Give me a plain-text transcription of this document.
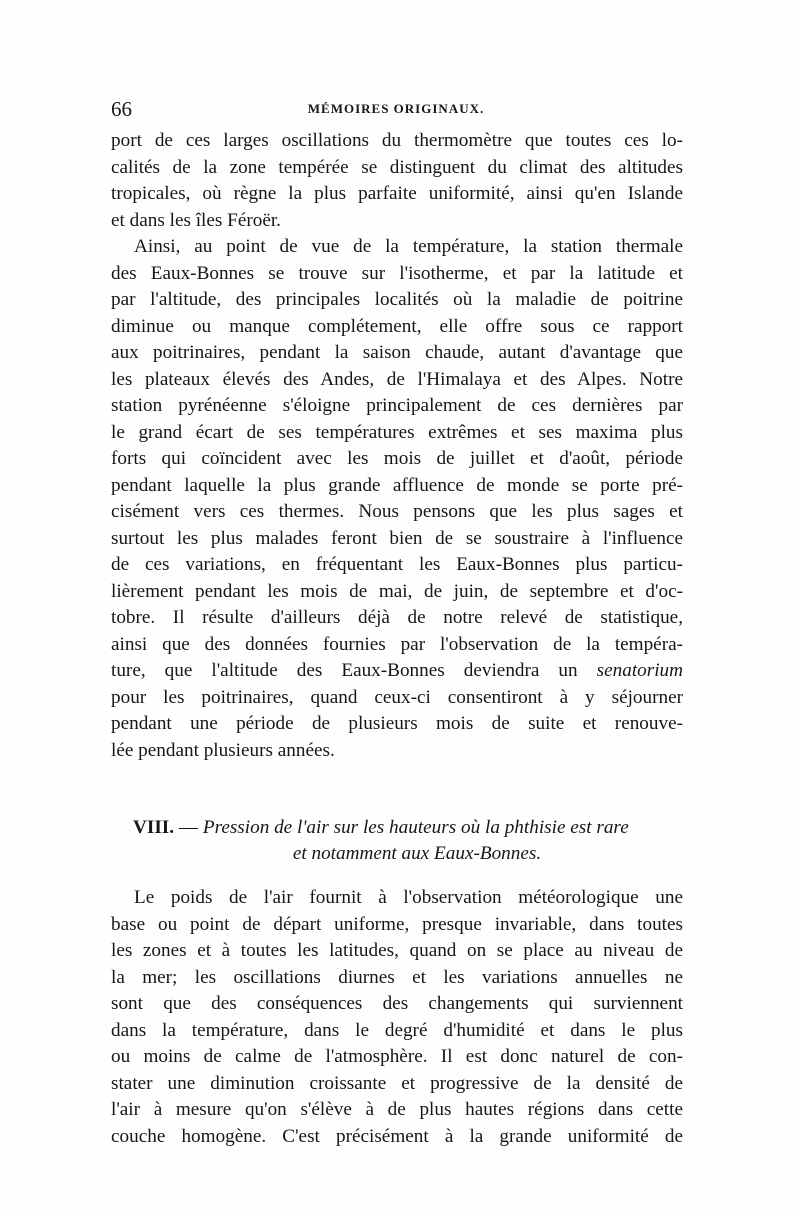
66	MÉMOIRES ORIGINAUX.
port de ces larges oscillations du thermomètre que toutes ces lo-
calités de la zone tempérée se distinguent du climat des altitudes
tropicales, où règne la plus parfaite uniformité, ainsi qu'en Islande
et dans les îles Féroër.
Ainsi, au point de vue de la température, la station thermale
des Eaux-Bonnes se trouve sur l'isotherme, et par la latitude et
par l'altitude, des principales localités où la maladie de poitrine
diminue ou manque complétement, elle offre sous ce rapport
aux poitrinaires, pendant la saison chaude, autant d'avantage que
les plateaux élevés des Andes, de l'Himalaya et des Alpes. Notre
station pyrénéenne s'éloigne principalement de ces dernières par
le grand écart de ses températures extrêmes et ses maxima plus
forts qui coïncident avec les mois de juillet et d'août, période
pendant laquelle la plus grande affluence de monde se porte pré-
cisément vers ces thermes. Nous pensons que les plus sages et
surtout les plus malades feront bien de se soustraire à l'influence
de ces variations, en fréquentant les Eaux-Bonnes plus particu-
lièrement pendant les mois de mai, de juin, de septembre et d'oc-
tobre. Il résulte d'ailleurs déjà de notre relevé de statistique,
ainsi que des données fournies par l'observation de la tempéra-
ture, que l'altitude des Eaux-Bonnes deviendra un senatorium
pour les poitrinaires, quand ceux-ci consentiront à y séjourner
pendant une période de plusieurs mois de suite et renouve-
lée pendant plusieurs années.
VIII. — Pression de l'air sur les hauteurs où la phthisie est rare
et notamment aux Eaux-Bonnes.
Le poids de l'air fournit à l'observation météorologique une
base ou point de départ uniforme, presque invariable, dans toutes
les zones et à toutes les latitudes, quand on se place au niveau de
la mer; les oscillations diurnes et les variations annuelles ne
sont que des conséquences des changements qui surviennent
dans la température, dans le degré d'humidité et dans le plus
ou moins de calme de l'atmosphère. Il est donc naturel de con-
stater une diminution croissante et progressive de la densité de
l'air à mesure qu'on s'élève à de plus hautes régions dans cette
couche homogène. C'est précisément à la grande uniformité de
